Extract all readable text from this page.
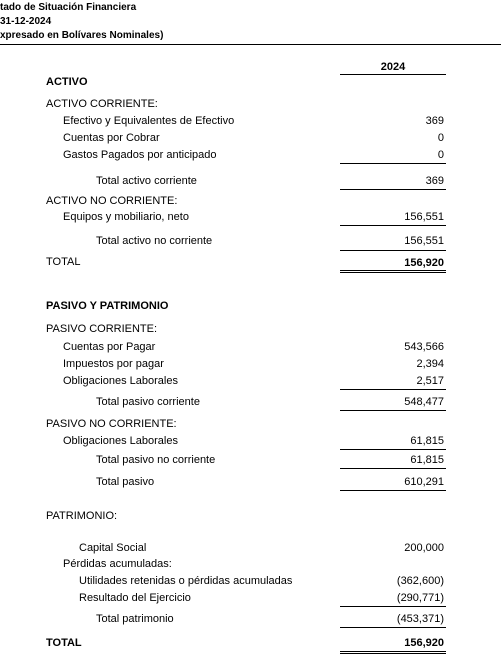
tado de Situación Financiera
31-12-2024
xpresado en Bolívares Nominales)
2024
ACTIVO
ACTIVO CORRIENTE:
Efectivo y Equivalentes de Efectivo	369
Cuentas por Cobrar	0
Gastos Pagados por anticipado	0
Total activo corriente	369
ACTIVO NO CORRIENTE:
Equipos y mobiliario, neto	156,551
Total activo no corriente	156,551
TOTAL	156,920
PASIVO Y PATRIMONIO
PASIVO CORRIENTE:
Cuentas por Pagar	543,566
Impuestos por pagar	2,394
Obligaciones Laborales	2,517
Total pasivo corriente	548,477
PASIVO NO CORRIENTE:
Obligaciones Laborales	61,815
Total pasivo no corriente	61,815
Total pasivo	610,291
PATRIMONIO:
Capital Social	200,000
Pérdidas acumuladas:
Utilidades retenidas o pérdidas acumuladas	(362,600)
Resultado del Ejercicio	(290,771)
Total patrimonio	(453,371)
TOTAL	156,920
